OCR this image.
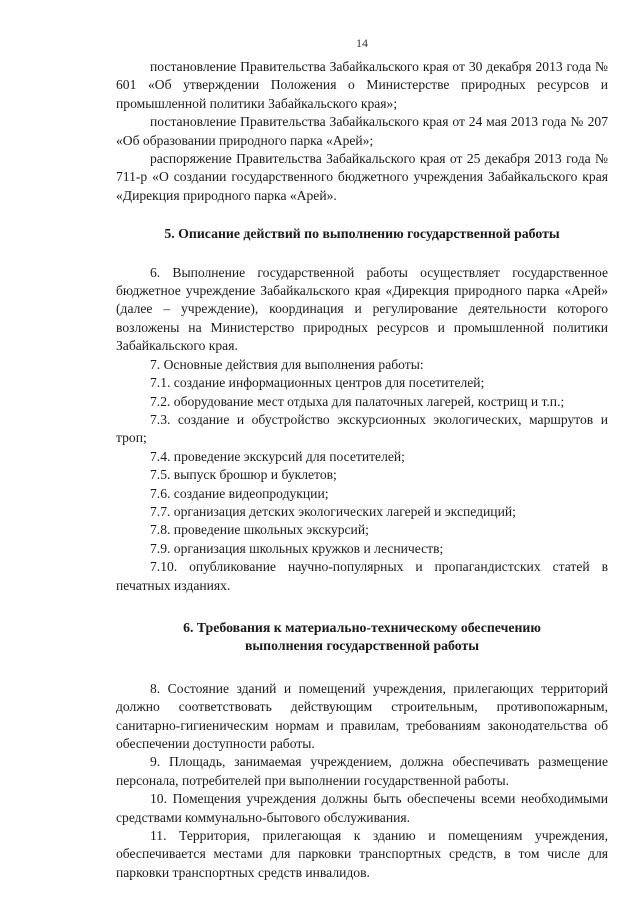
14

постановление Правительства Забайкальского края от 30 декабря 2013 года № 601 «Об утверждении Положения о Министерстве природных ресурсов и промышленной политики Забайкальского края»;

постановление Правительства Забайкальского края от 24 мая 2013 года № 207 «Об образовании природного парка «Арей»;

распоряжение Правительства Забайкальского края от 25 декабря 2013 года № 711-р «О создании государственного бюджетного учреждения Забайкальского края «Дирекция природного парка «Арей».

5. Описание действий по выполнению государственной работы

6. Выполнение государственной работы осуществляет государственное бюджетное учреждение Забайкальского края «Дирекция природного парка «Арей» (далее – учреждение), координация и регулирование деятельности которого возложены на Министерство природных ресурсов и промышленной политики Забайкальского края.

7. Основные действия для выполнения работы:

7.1. создание информационных центров для посетителей;

7.2. оборудование мест отдыха для палаточных лагерей, кострищ и т.п.;

7.3. создание и обустройство экскурсионных экологических, маршрутов и троп;

7.4. проведение экскурсий для посетителей;

7.5. выпуск брошюр и буклетов;

7.6. создание видеопродукции;

7.7. организация детских экологических лагерей и экспедиций;

7.8. проведение школьных экскурсий;

7.9. организация школьных кружков и лесничеств;

7.10. опубликование научно-популярных и пропагандистских статей в печатных изданиях.

6. Требования к материально-техническому обеспечению
выполнения государственной работы

8. Состояние зданий и помещений учреждения, прилегающих территорий должно соответствовать действующим строительным, противопожарным, санитарно-гигиеническим нормам и правилам, требованиям законодательства об обеспечении доступности работы.

9. Площадь, занимаемая учреждением, должна обеспечивать размещение персонала, потребителей при выполнении государственной работы.

10. Помещения учреждения должны быть обеспечены всеми необходимыми средствами коммунально-бытового обслуживания.

11. Территория, прилегающая к зданию и помещениям учреждения, обеспечивается местами для парковки транспортных средств, в том числе для парковки транспортных средств инвалидов.
